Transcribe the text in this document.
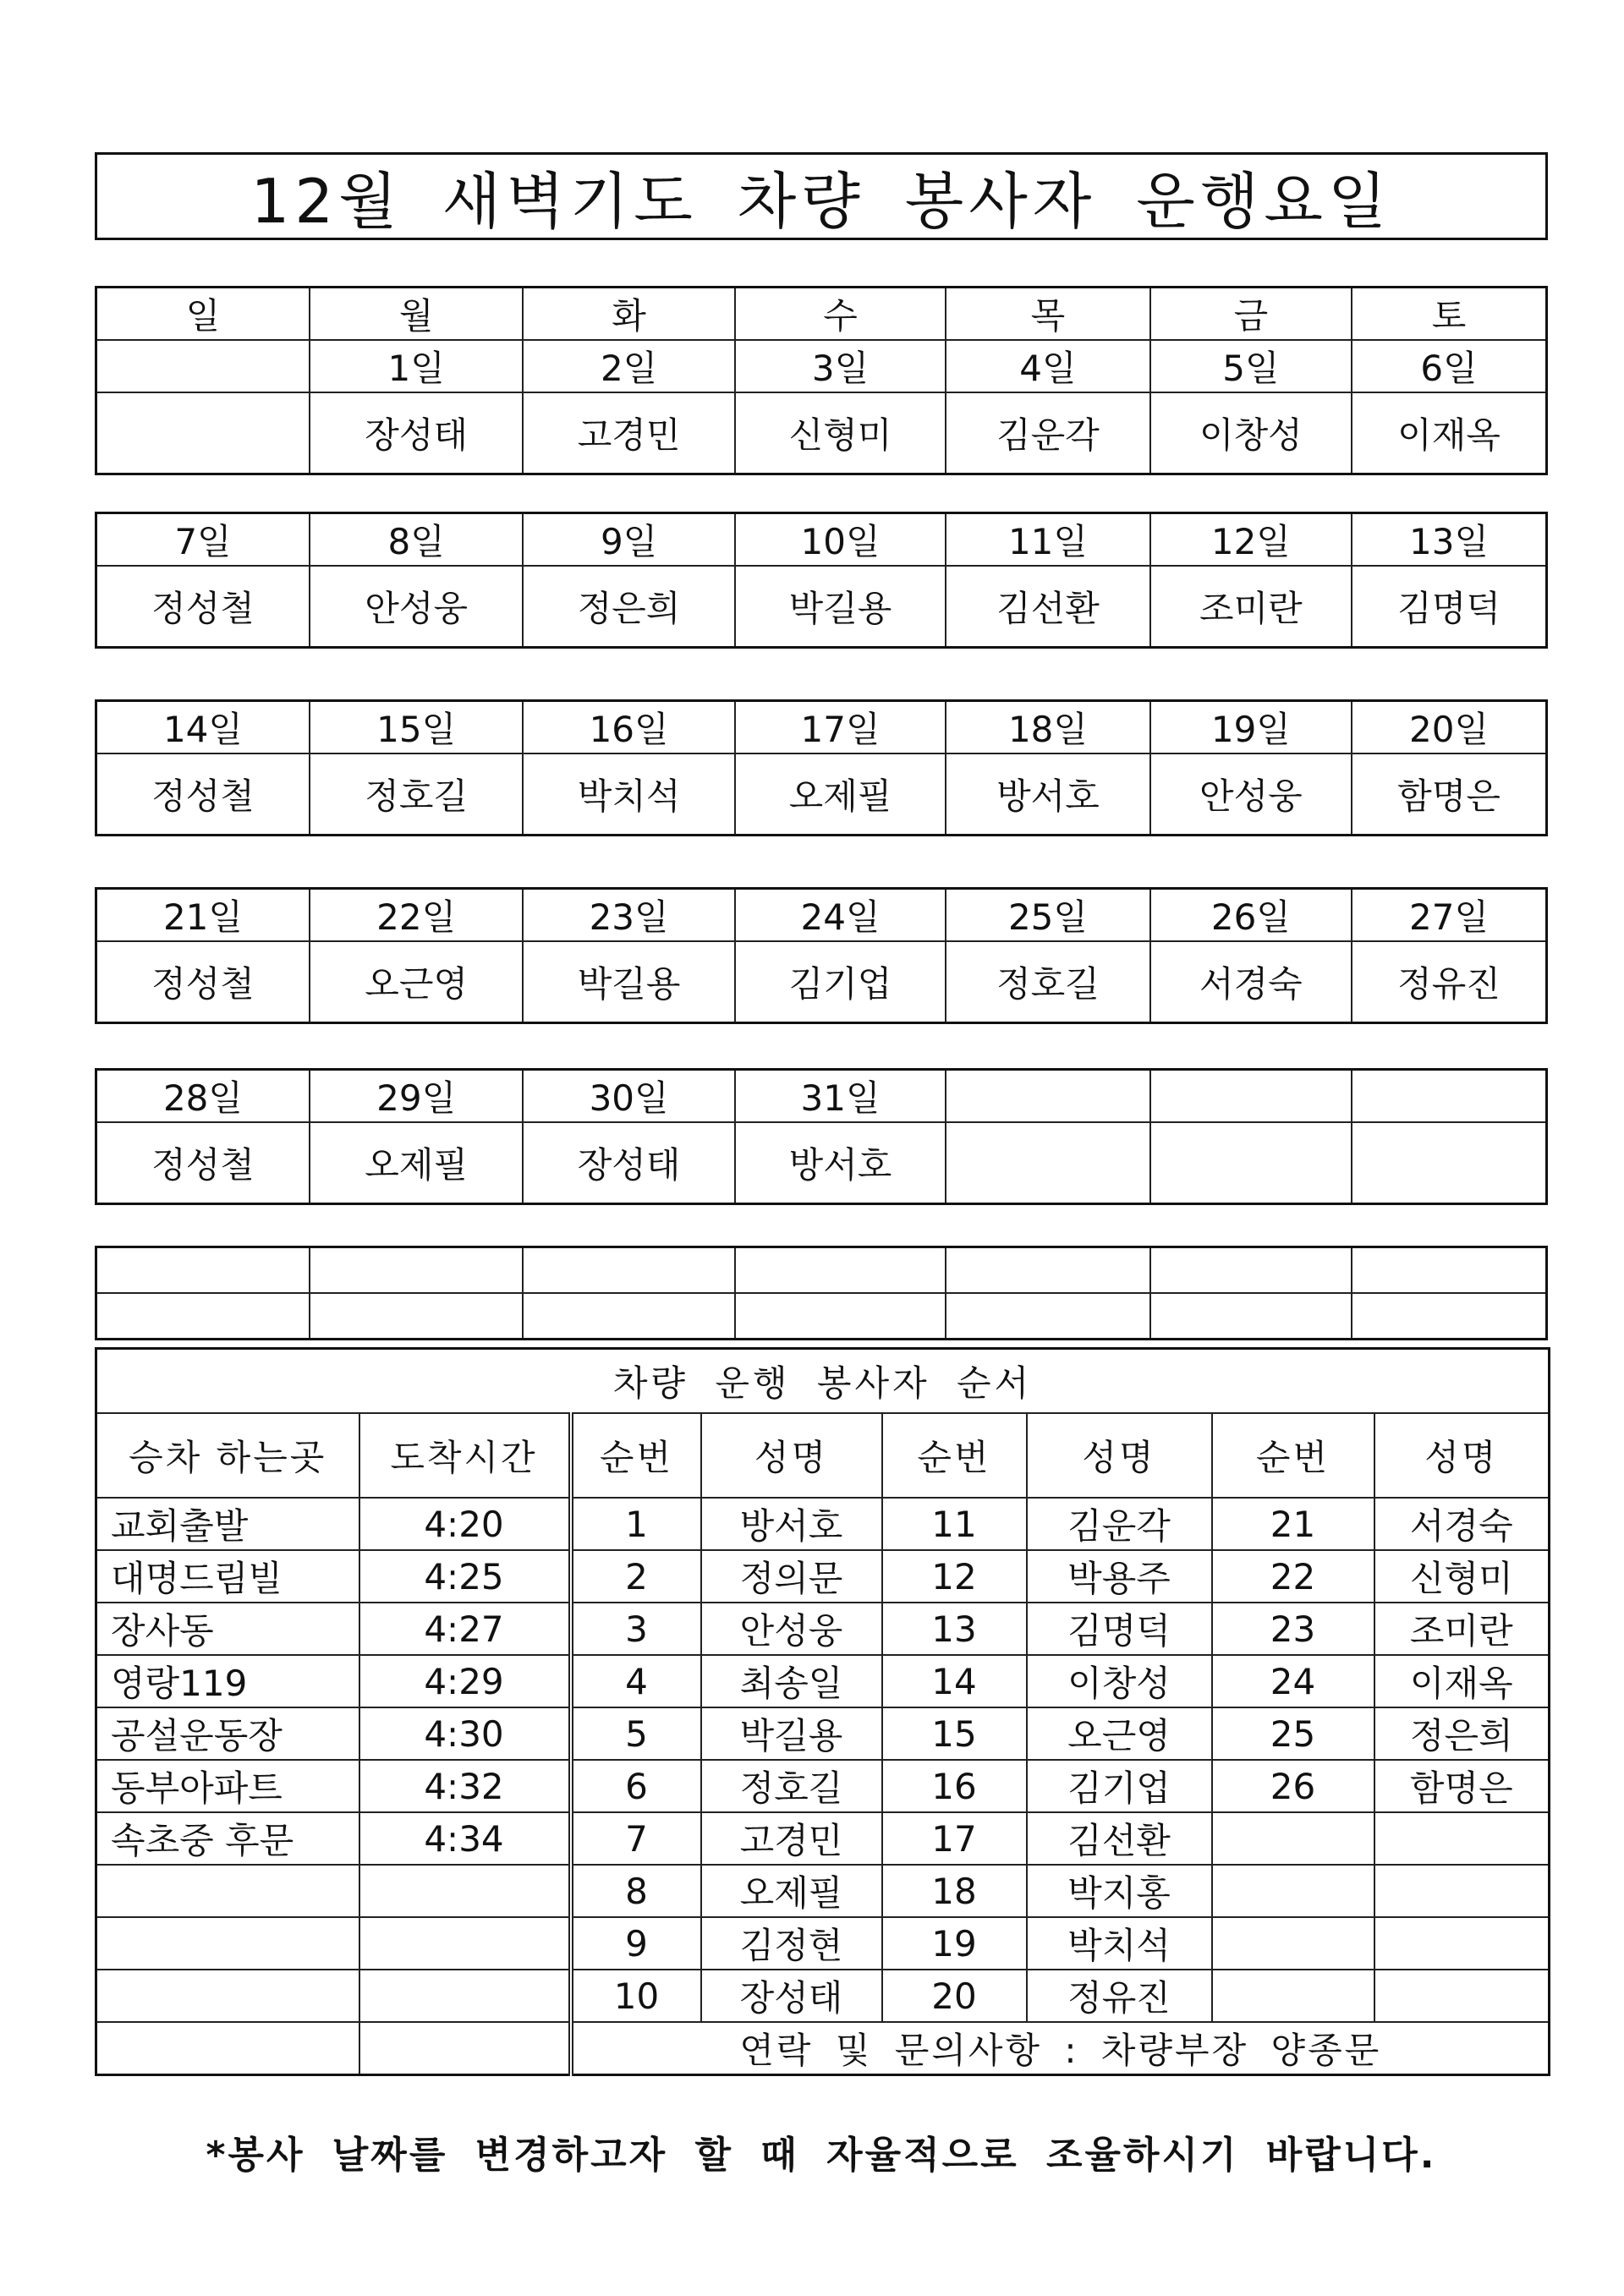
12월 새벽기도 차량 봉사자 운행요일
일	월	화	수	목	금	토
	1일	2일	3일	4일	5일	6일
	장성태	고경민	신형미	김운각	이창성	이재옥
7일	8일	9일	10일	11일	12일	13일
정성철	안성웅	정은희	박길용	김선환	조미란	김명덕
14일	15일	16일	17일	18일	19일	20일
정성철	정호길	박치석	오제필	방서호	안성웅	함명은
21일	22일	23일	24일	25일	26일	27일
정성철	오근영	박길용	김기업	정호길	서경숙	정유진
28일	29일	30일	31일			
정성철	오제필	장성태	방서호			

차량 운행 봉사자 순서							
승차 하는곳	도착시간	순번	성명	순번	성명	순번	성명
교회출발	4:20	1	방서호	11	김운각	21	서경숙
대명드림빌	4:25	2	정의문	12	박용주	22	신형미
장사동	4:27	3	안성웅	13	김명덕	23	조미란
영랑119	4:29	4	최송일	14	이창성	24	이재옥
공설운동장	4:30	5	박길용	15	오근영	25	정은희
동부아파트	4:32	6	정호길	16	김기업	26	함명은
속초중 후문	4:34	7	고경민	17	김선환		
		8	오제필	18	박지홍		
		9	김정현	19	박치석		
		10	장성태	20	정유진		
		연락 및 문의사항 : 차량부장 양종문					
*봉사 날짜를 변경하고자 할 때 자율적으로 조율하시기 바랍니다.
